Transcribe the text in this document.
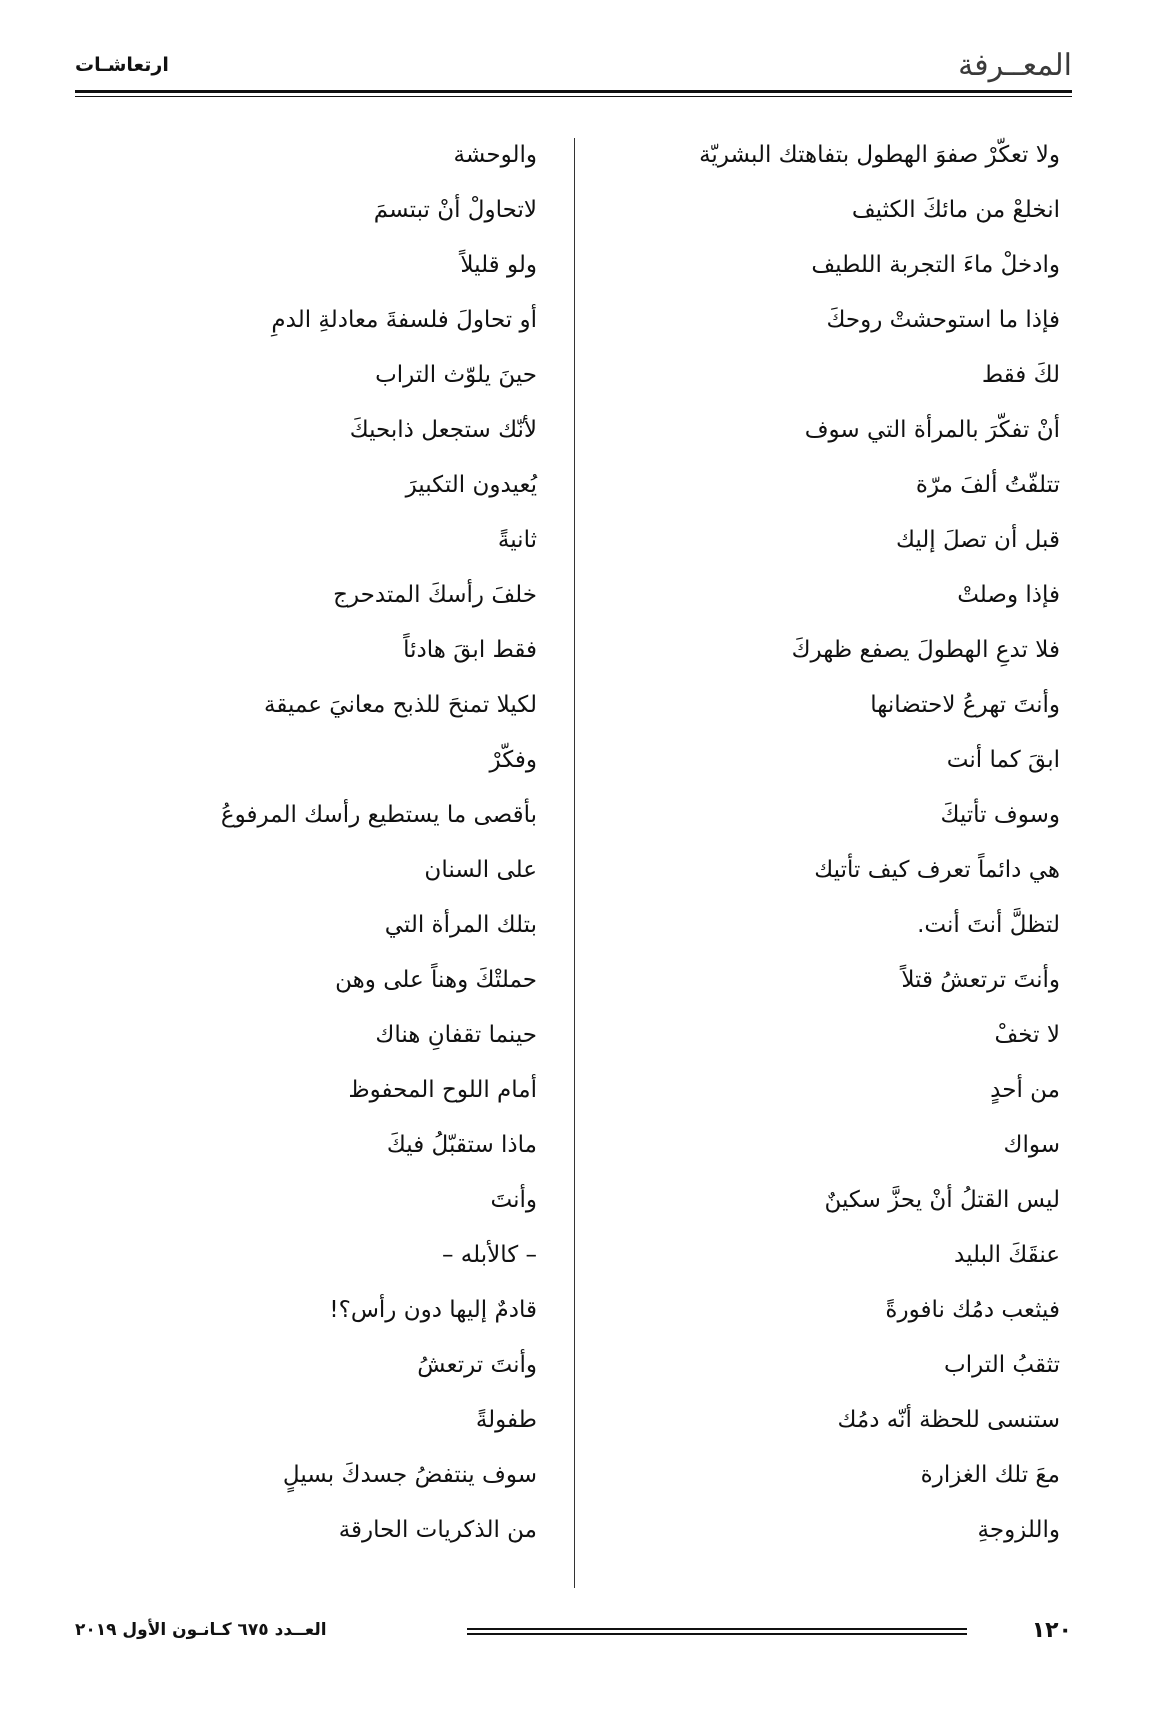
المعــرفة
ارتعاشـات
ولا تعكّرْ صفوَ الهطول بتفاهتك البشريّة
انخلعْ من مائكَ الكثيف
وادخلْ ماءَ التجربة اللطيف
فإذا ما استوحشتْ روحكَ
لكَ فقط
أنْ تفكّرَ بالمرأة التي سوف
تتلفّتُ ألفَ مرّة
قبل أن تصلَ إليك
فإذا وصلتْ
فلا تدعِ الهطولَ يصفع ظهركَ
وأنتَ تهرعُ لاحتضانها
ابقَ كما أنت
وسوف تأتيكَ
هي دائماً تعرف كيف تأتيك
لتظلَّ أنتَ أنت.
وأنتَ ترتعشُ قتلاً
لا تخفْ
من أحدٍ
سواك
ليس القتلُ أنْ يحزَّ سكينٌ
عنقَكَ البليد
فيثعب دمُك نافورةً
تثقبُ التراب
ستنسى للحظة أنّه دمُك
معَ تلك الغزارة
واللزوجةِ
والوحشة
لاتحاولْ أنْ تبتسمَ
ولو قليلاً
أو تحاولَ فلسفةَ معادلةِ الدمِ
حينَ يلوّث التراب
لأنّك ستجعل ذابحيكَ
يُعيدون التكبيرَ
ثانيةً
خلفَ رأسكَ المتدحرج
فقط ابقَ هادئاً
لكيلا تمنحَ للذبح معانيَ عميقة
وفكّرْ
بأقصى ما يستطيع رأسك المرفوعُ
على السنان
بتلك المرأة التي
حملتْكَ وهناً على وهن
حينما تقفانِ هناك
أمام اللوح المحفوظ
ماذا ستقبّلُ فيكَ
وأنتَ
– كالأبله –
قادمٌ إليها دون رأس؟!
وأنتَ ترتعشُ
طفولةً
سوف ينتفضُ جسدكَ بسيلٍ
من الذكريات الحارقة
١٢٠
العــدد ٦٧٥ كـانـون الأول ٢٠١٩
